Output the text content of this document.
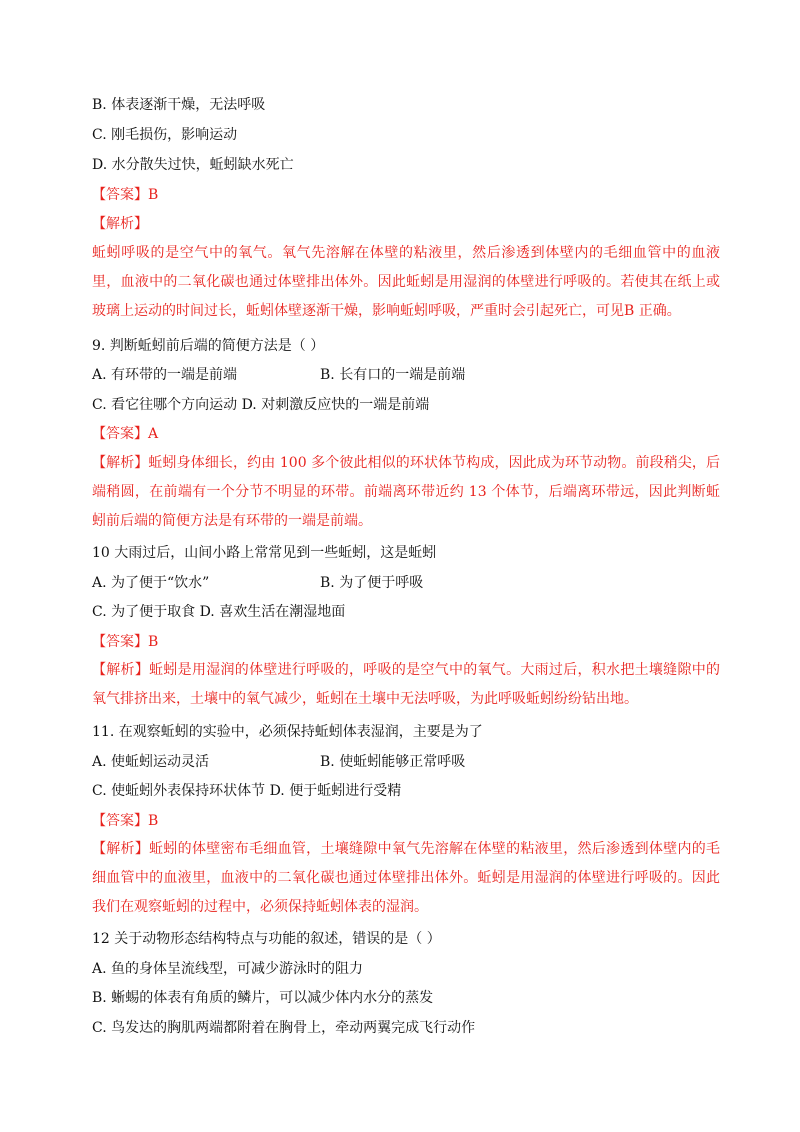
B. 体表逐渐干燥，无法呼吸
C. 刚毛损伤，影响运动
D. 水分散失过快，蚯蚓缺水死亡
【答案】B
【解析】
蚯蚓呼吸的是空气中的氧气。氧气先溶解在体壁的粘液里，然后渗透到体壁内的毛细血管中的血液里，血液中的二氧化碳也通过体壁排出体外。因此蚯蚓是用湿润的体壁进行呼吸的。若使其在纸上或玻璃上运动的时间过长，蚯蚓体壁逐渐干燥，影响蚯蚓呼吸，严重时会引起死亡，可见B 正确。
9. 判断蚯蚓前后端的简便方法是（ ）
A. 有环带的一端是前端	B. 长有口的一端是前端
C. 看它往哪个方向运动 D. 对刺激反应快的一端是前端
【答案】A
【解析】蚯蚓身体细长，约由 100 多个彼此相似的环状体节构成，因此成为环节动物。前段稍尖，后端稍圆，在前端有一个分节不明显的环带。前端离环带近约 13 个体节，后端离环带远，因此判断蚯蚓前后端的简便方法是有环带的一端是前端。
10 大雨过后，山间小路上常常见到一些蚯蚓，这是蚯蚓
A. 为了便于“饮水”	B. 为了便于呼吸
C. 为了便于取食 D. 喜欢生活在潮湿地面
【答案】B
【解析】蚯蚓是用湿润的体壁进行呼吸的，呼吸的是空气中的氧气。大雨过后，积水把土壤缝隙中的氧气排挤出来，土壤中的氧气减少，蚯蚓在土壤中无法呼吸，为此呼吸蚯蚓纷纷钻出地。
11. 在观察蚯蚓的实验中，必须保持蚯蚓体表湿润，主要是为了
A. 使蚯蚓运动灵活	B. 使蚯蚓能够正常呼吸
C. 使蚯蚓外表保持环状体节 D. 便于蚯蚓进行受精
【答案】B
【解析】蚯蚓的体壁密布毛细血管，土壤缝隙中氧气先溶解在体壁的粘液里，然后渗透到体壁内的毛细血管中的血液里，血液中的二氧化碳也通过体壁排出体外。蚯蚓是用湿润的体壁进行呼吸的。因此我们在观察蚯蚓的过程中，必须保持蚯蚓体表的湿润。
12 关于动物形态结构特点与功能的叙述，错误的是（ ）
A. 鱼的身体呈流线型，可减少游泳时的阻力
B. 蜥蜴的体表有角质的鳞片，可以减少体内水分的蒸发
C. 鸟发达的胸肌两端都附着在胸骨上，牵动两翼完成飞行动作
